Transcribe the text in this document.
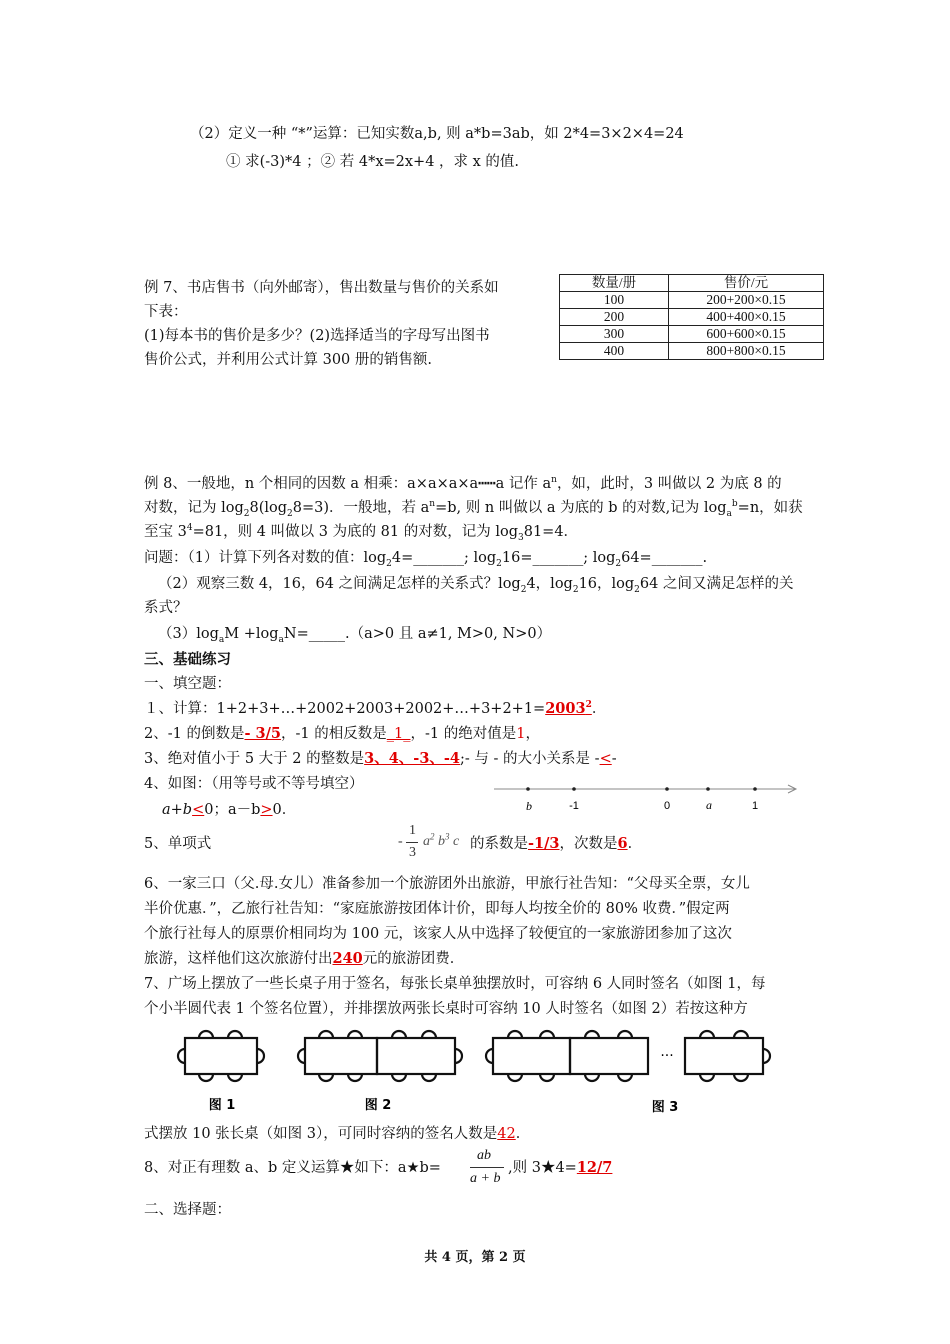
（2）定义一种 “*”运算：已知实数a,b, 则 a*b=3ab，如 2*4=3×2×4=24
① 求(-3)*4 ；② 若 4*x=2x+4 ，求 x 的值.
例 7、书店售书（向外邮寄），售出数量与售价的关系如
下表：
(1)每本书的售价是多少？(2)选择适当的字母写出图书
售价公式，并利用公式计算 300 册的销售额.
数量/册	售价/元
100	200+200×0.15
200	400+400×0.15
300	600+600×0.15
400	800+800×0.15
例 8、一般地，n 个相同的因数 a 相乘：a×a×a×a┅┅a 记作 $a^n$，如，此时，3 叫做以 2 为底 8 的
对数，记为 $\log_28(\log_28=3)$．一般地，若 $a^n=b$, 则 n 叫做以 a 为底的 b 的对数,记为 $\log_a^b=n$，如获
至宝 $3^4=81$，则 4 叫做以 3 为底的 81 的对数，记为 $\log_381=4$．
问题：（1）计算下列各对数的值：$\log_24=\_\_\_\_\_\_\_$; $\log_216=\_\_\_\_\_\_\_$; $\log_264=\_\_\_\_\_\_\_$.
（2）观察三数 4，16，64 之间满足怎样的关系式？$\log_24$，$\log_216$，$\log_264$ 之间又满足怎样的关
系式？
$(3)\log_aM$ $+\log_aN=\_\_\_\_\_.(a>0$ 且 a≠1, M>0, N>0）
三、基础练习
一、填空题：
１、计算：$1+2+3+\dots+2002+2003+2002+\dots+3+2+1=2003^2$．
2、-1 的倒数是- 3/5，-1 的相反数是_1_，-1 的绝对值是1，
3、绝对值小于 5 大于 2 的整数是3、4、-3、-4;- 与 - 的大小关系是 -<-
4、如图：（用等号或不等号填空）
a+b<0；a－b>0．	b	-1	0	a	1
5、单项式	-
1
3
$a^2$ $b^3$ c 的系数是-1/3，次数是6．
6、一家三口（父.母.女儿）准备参加一个旅游团外出旅游，甲旅行社告知：“父母买全票，女儿
半价优惠．”，乙旅行社告知：“家庭旅游按团体计价，即每人均按全价的 80% 收费．”假定两
个旅行社每人的原票价相同均为 100 元，该家人从中选择了较便宜的一家旅游团参加了这次
旅游，这样他们这次旅游付出240元的旅游团费．
7、广场上摆放了一些长桌子用于签名，每张长桌单独摆放时，可容纳 6 人同时签名（如图 1，每
个小半圆代表 1 个签名位置），并排摆放两张长桌时可容纳 10 人时签名（如图 2）若按这种方
···
图 1	图 2	图 3
式摆放 10 张长桌（如图 3），可同时容纳的签名人数是42．
8、对正有理数 a、b 定义运算★如下：a★b=
ab
a + b
,则 3★4=12/7
二、选择题：
共 4 页，第 2 页
